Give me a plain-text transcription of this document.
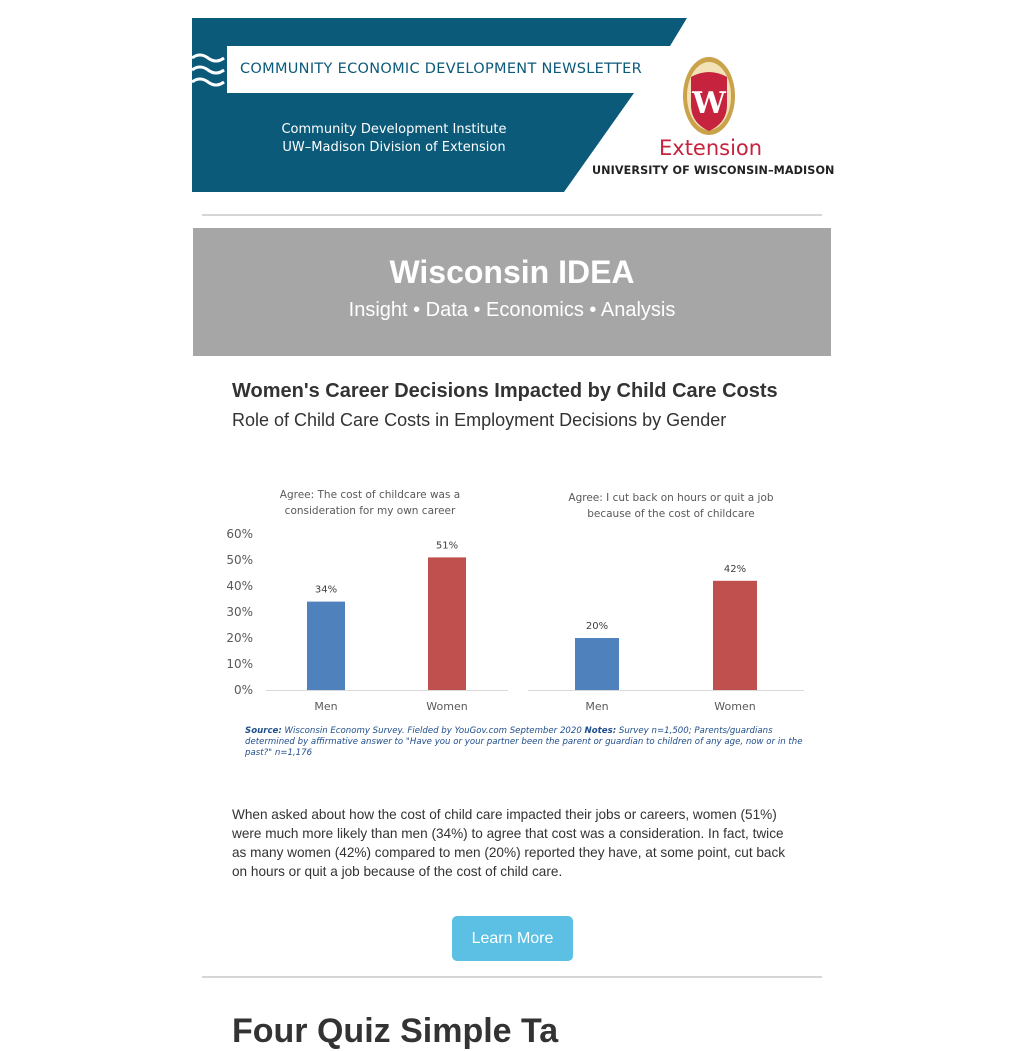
COMMUNITY ECONOMIC DEVELOPMENT NEWSLETTER
Community Development Institute
UW–Madison Division of Extension
W
Extension
UNIVERSITY OF WISCONSIN–MADISON
Wisconsin IDEA
Insight • Data • Economics • Analysis
Women's Career Decisions Impacted by Child Care Costs
Role of Child Care Costs in Employment Decisions by Gender
0%
10%
20%
30%
40%
50%
60%
Agree: The cost of childcare was a
consideration for my own career
34%
Men
51%
Women
Agree: I cut back on hours or quit a job
because of the cost of childcare
20%
Men
42%
Women
Source: Wisconsin Economy Survey. Fielded by YouGov.com September 2020 Notes: Survey n=1,500; Parents/guardians determined by affirmative answer to "Have you or your partner been the parent or guardian to children of any age, now or in the past?" n=1,176
When asked about how the cost of child care impacted their jobs or careers, women (51%) were much more likely than men (34%) to agree that cost was a consideration. In fact, twice as many women (42%) compared to men (20%) reported they have, at some point, cut back on hours or quit a job because of the cost of child care.
Learn More
Four Quiz Simple Ta
